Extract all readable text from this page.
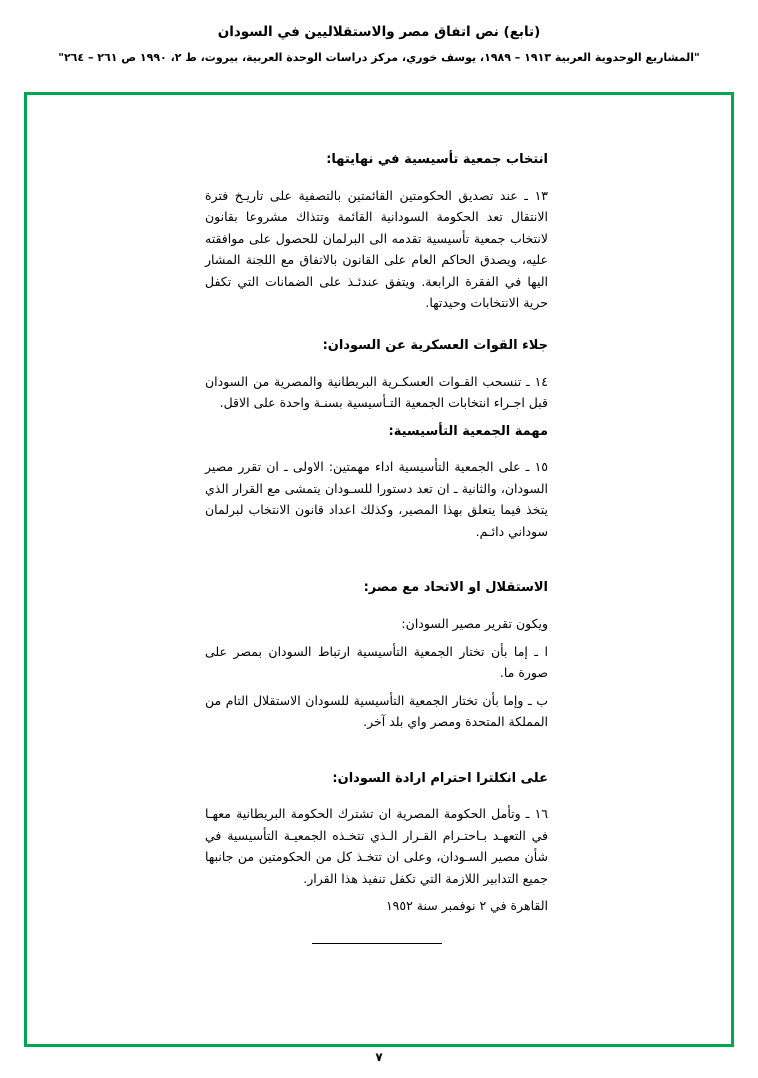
(تابع) نص اتفاق مصر والاستقلاليين في السودان
"المشاريع الوحدوية العربية ١٩١٣ – ١٩٨٩، يوسف خوري، مركز دراسات الوحدة العربية، بيروت، ط ٢، ١٩٩٠ ص ٢٦١ – ٢٦٤"
انتخاب جمعية تأسيسية في نهايتها:

١٣ ـ عند تصديق الحكومتين القائمتين بالتصفية على تاريـخ فترة الانتقال تعد الحكومة السودانية القائمة وتتذاك مشروعا بقانون لانتخاب جمعية تأسيسية تقدمه الى البرلمان للحصول على موافقته عليه، ويصدق الحاكم العام على القانون بالاتفاق مع اللجنة المشار اليها في الفقرة الرابعة. ويتفق عندئـذ على الضمانات التي تكفل حرية الانتخابات وحيدتها.

جلاء القوات العسكرية عن السودان:

١٤ ـ تنسحب القـوات العسكـرية البريطانية والمصرية من السودان قبل اجـراء انتخابات الجمعية التـأسيسية بسنـة واحدة على الاقل.

مهمة الجمعية التأسيسية:

١٥ ـ على الجمعية التأسيسية اداء مهمتين: الاولى ـ ان تقرر مصير السودان، والثانية ـ ان تعد دستورا للسـودان يتمشى مع القرار الذي يتخذ فيما يتعلق بهذا المصير، وكذلك اعداد قانون الانتخاب لبرلمان سوداني دائـم.

الاستقلال او الاتحاد مع مصر:

ويكون تقرير مصير السودان:

ا ـ إما بأن تختار الجمعية التأسيسية ارتباط السودان بمصر على صورة ما.

ب ـ وإما بأن تختار الجمعية التأسيسية للسودان الاستقلال التام من المملكة المتحدة ومصر واي بلد آخر.

على انكلترا احترام ارادة السودان:

١٦ ـ وتأمل الحكومة المصرية ان تشترك الحكومة البريطانية معهـا في التعهـد بـاحتـرام القـرار الـذي تتخـذه الجمعيـة التأسيسية في شأن مصير السـودان، وعلى ان تتخـذ كل من الحكومتين من جانبها جميع التدابير اللازمة التي تكفل تنفيذ هذا القرار.

القاهرة في ٢ نوفمبر سنة ١٩٥٢

٧
